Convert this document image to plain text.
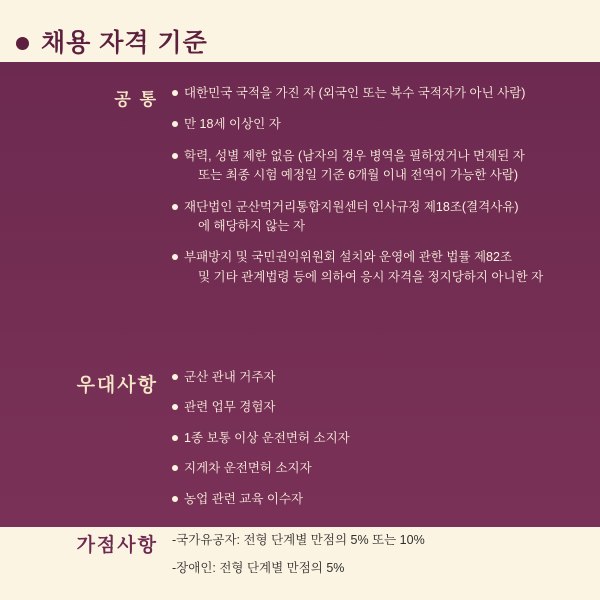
채용 자격 기준
공 통	대한민국 국적을 가진 자 (외국인 또는 복수 국적자가 아닌 사람)
만 18세 이상인 자
학력, 성별 제한 없음 (남자의 경우 병역을 필하였거나 면제된 자
또는 최종 시험 예정일 기준 6개월 이내 전역이 가능한 사람)
재단법인 군산먹거리통합지원센터 인사규정 제18조(결격사유)
에 해당하지 않는 자
부패방지 및 국민권익위원회 설치와 운영에 관한 법률 제82조
및 기타 관계법령 등에 의하여 응시 자격을 정지당하지 아니한 자
우대사항	군산 관내 거주자
관련 업무 경험자
1종 보통 이상 운전면허 소지자
지게차 운전면허 소지자
농업 관련 교육 이수자
가점사항	-국가유공자: 전형 단계별 만점의 5% 또는 10%
-장애인: 전형 단계별 만점의 5%
